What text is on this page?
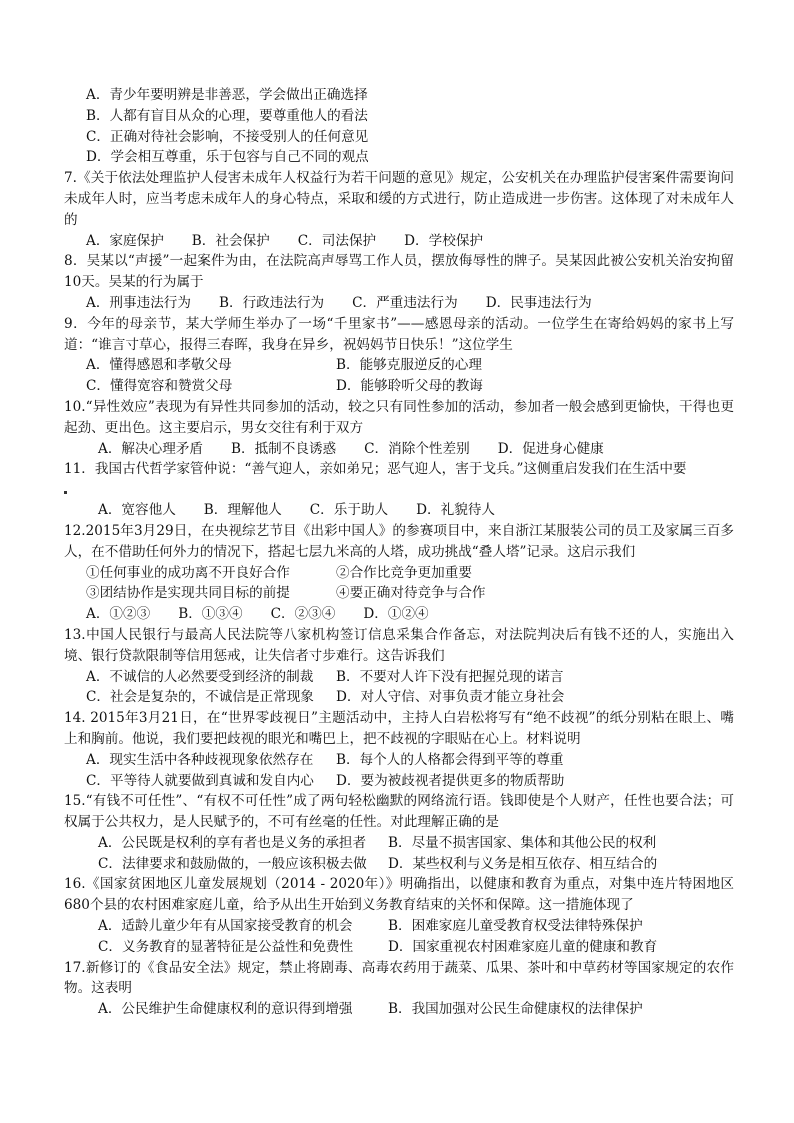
A．青少年要明辨是非善恶，学会做出正确选择

B．人都有盲目从众的心理，要尊重他人的看法

C．正确对待社会影响，不接受别人的任何意见

D．学会相互尊重，乐于包容与自己不同的观点

7.《关于依法处理监护人侵害未成年人权益行为若干问题的意见》规定，公安机关在办理监护侵害案件需要询问未成年人时，应当考虑未成年人的身心特点，采取和缓的方式进行，防止造成进一步伤害。这体现了对未成年人的

A．家庭保护 B．社会保护 C．司法保护 D．学校保护

8．吴某以“声援”一起案件为由，在法院高声辱骂工作人员，摆放侮辱性的牌子。吴某因此被公安机关治安拘留10天。吴某的行为属于

A．刑事违法行为 B．行政违法行为 C．严重违法行为 D．民事违法行为

9．今年的母亲节，某大学师生举办了一场“千里家书”——感恩母亲的活动。一位学生在寄给妈妈的家书上写道：“谁言寸草心，报得三春晖，我身在异乡，祝妈妈节日快乐！”这位学生

A．懂得感恩和孝敬父母	B．能够克服逆反的心理
C．懂得宽容和赞赏父母	D．能够聆听父母的教诲

10.“异性效应”表现为有异性共同参加的活动，较之只有同性参加的活动，参加者一般会感到更愉快，干得也更起劲、更出色。这主要启示，男女交往有利于双方

A．解决心理矛盾 B．抵制不良诱惑 C．消除个性差别 D．促进身心健康

11．我国古代哲学家管仲说：“善气迎人，亲如弟兄；恶气迎人，害于戈兵。”这侧重启发我们在生活中要

A．宽容他人 B．理解他人 C．乐于助人 D．礼貌待人

12.2015年3月29日，在央视综艺节目《出彩中国人》的参赛项目中，来自浙江某服装公司的员工及家属三百多人，在不借助任何外力的情况下，搭起七层九米高的人塔，成功挑战“叠人塔”记录。这启示我们

①任何事业的成功离不开良好合作	②合作比竞争更加重要
③团结协作是实现共同目标的前提	④要正确对待竞争与合作

A．①②③ B．①③④ C．②③④ D．①②④

13.中国人民银行与最高人民法院等八家机构签订信息采集合作备忘，对法院判决后有钱不还的人，实施出入境、银行贷款限制等信用惩戒，让失信者寸步难行。这告诉我们

A．不诚信的人必然要受到经济的制裁	B．不要对人许下没有把握兑现的诺言
C．社会是复杂的，不诚信是正常现象	D．对人守信、对事负责才能立身社会

14. 2015年3月21日，在“世界零歧视日”主题活动中，主持人白岩松将写有“绝不歧视”的纸分别粘在眼上、嘴上和胸前。他说，我们要把歧视的眼光和嘴巴上，把不歧视的字眼贴在心上。材料说明

A．现实生活中各种歧视现象依然存在	B．每个人的人格都会得到平等的尊重
C．平等待人就要做到真诚和发自内心	D．要为被歧视者提供更多的物质帮助

15.“有钱不可任性”、“有权不可任性”成了两句轻松幽默的网络流行语。钱即使是个人财产，任性也要合法；可权属于公共权力，是人民赋予的，不可有丝毫的任性。对此理解正确的是

A．公民既是权利的享有者也是义务的承担者	B．尽量不损害国家、集体和其他公民的权利
C．法律要求和鼓励做的，一般应该积极去做	D．某些权利与义务是相互依存、相互结合的

16.《国家贫困地区儿童发展规划（2014 - 2020年）》明确指出，以健康和教育为重点，对集中连片特困地区680个县的农村困难家庭儿童，给予从出生开始到义务教育结束的关怀和保障。这一措施体现了

A．适龄儿童少年有从国家接受教育的机会	B．困难家庭儿童受教育权受法律特殊保护
C．义务教育的显著特征是公益性和免费性	D．国家重视农村困难家庭儿童的健康和教育

17.新修订的《食品安全法》规定，禁止将剧毒、高毒农药用于蔬菜、瓜果、茶叶和中草药材等国家规定的农作物。这表明

A．公民维护生命健康权利的意识得到增强	B．我国加强对公民生命健康权的法律保护
